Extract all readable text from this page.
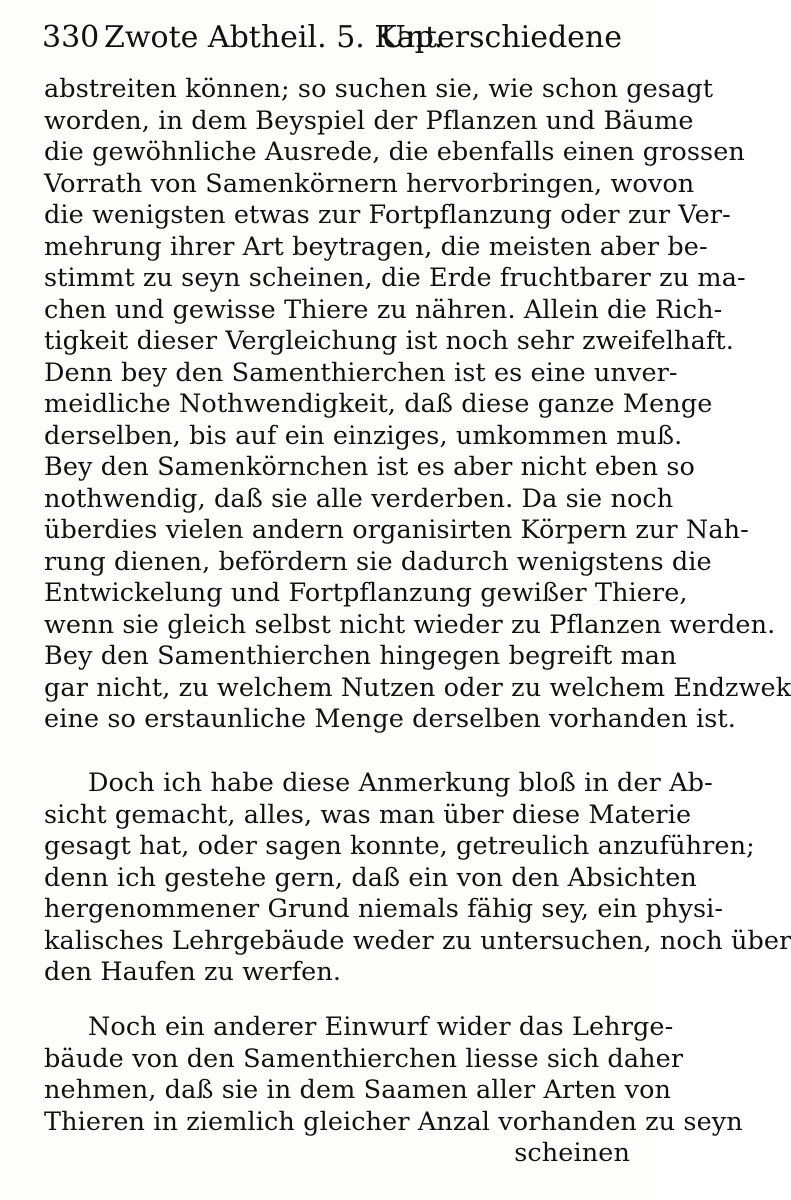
330 Zwote Abtheil. 5. Kap.
Unterschiedene
abstreiten können; so suchen sie, wie schon gesagt
worden, in dem Beyspiel der Pflanzen und Bäume
die gewöhnliche Ausrede, die ebenfalls einen grossen
Vorrath von Samenkörnern hervorbringen, wovon
die wenigsten etwas zur Fortpflanzung oder zur Ver-
mehrung ihrer Art beytragen, die meisten aber be-
stimmt zu seyn scheinen, die Erde fruchtbarer zu ma-
chen und gewisse Thiere zu nähren. Allein die Rich-
tigkeit dieser Vergleichung ist noch sehr zweifelhaft.
Denn bey den Samenthierchen ist es eine unver-
meidliche Nothwendigkeit, daß diese ganze Menge
derselben, bis auf ein einziges, umkommen muß.
Bey den Samenkörnchen ist es aber nicht eben so
nothwendig, daß sie alle verderben. Da sie noch
überdies vielen andern organisirten Körpern zur Nah-
rung dienen, befördern sie dadurch wenigstens die
Entwickelung und Fortpflanzung gewißer Thiere,
wenn sie gleich selbst nicht wieder zu Pflanzen werden.
Bey den Samenthierchen hingegen begreift man
gar nicht, zu welchem Nutzen oder zu welchem Endzwek
eine so erstaunliche Menge derselben vorhanden ist.
Doch ich habe diese Anmerkung bloß in der Ab-
sicht gemacht, alles, was man über diese Materie
gesagt hat, oder sagen konnte, getreulich anzuführen;
denn ich gestehe gern, daß ein von den Absichten
hergenommener Grund niemals fähig sey, ein physi-
kalisches Lehrgebäude weder zu untersuchen, noch über
den Haufen zu werfen.
Noch ein anderer Einwurf wider das Lehrge-
bäude von den Samenthierchen liesse sich daher
nehmen, daß sie in dem Saamen aller Arten von
Thieren in ziemlich gleicher Anzal vorhanden zu seyn
scheinen
